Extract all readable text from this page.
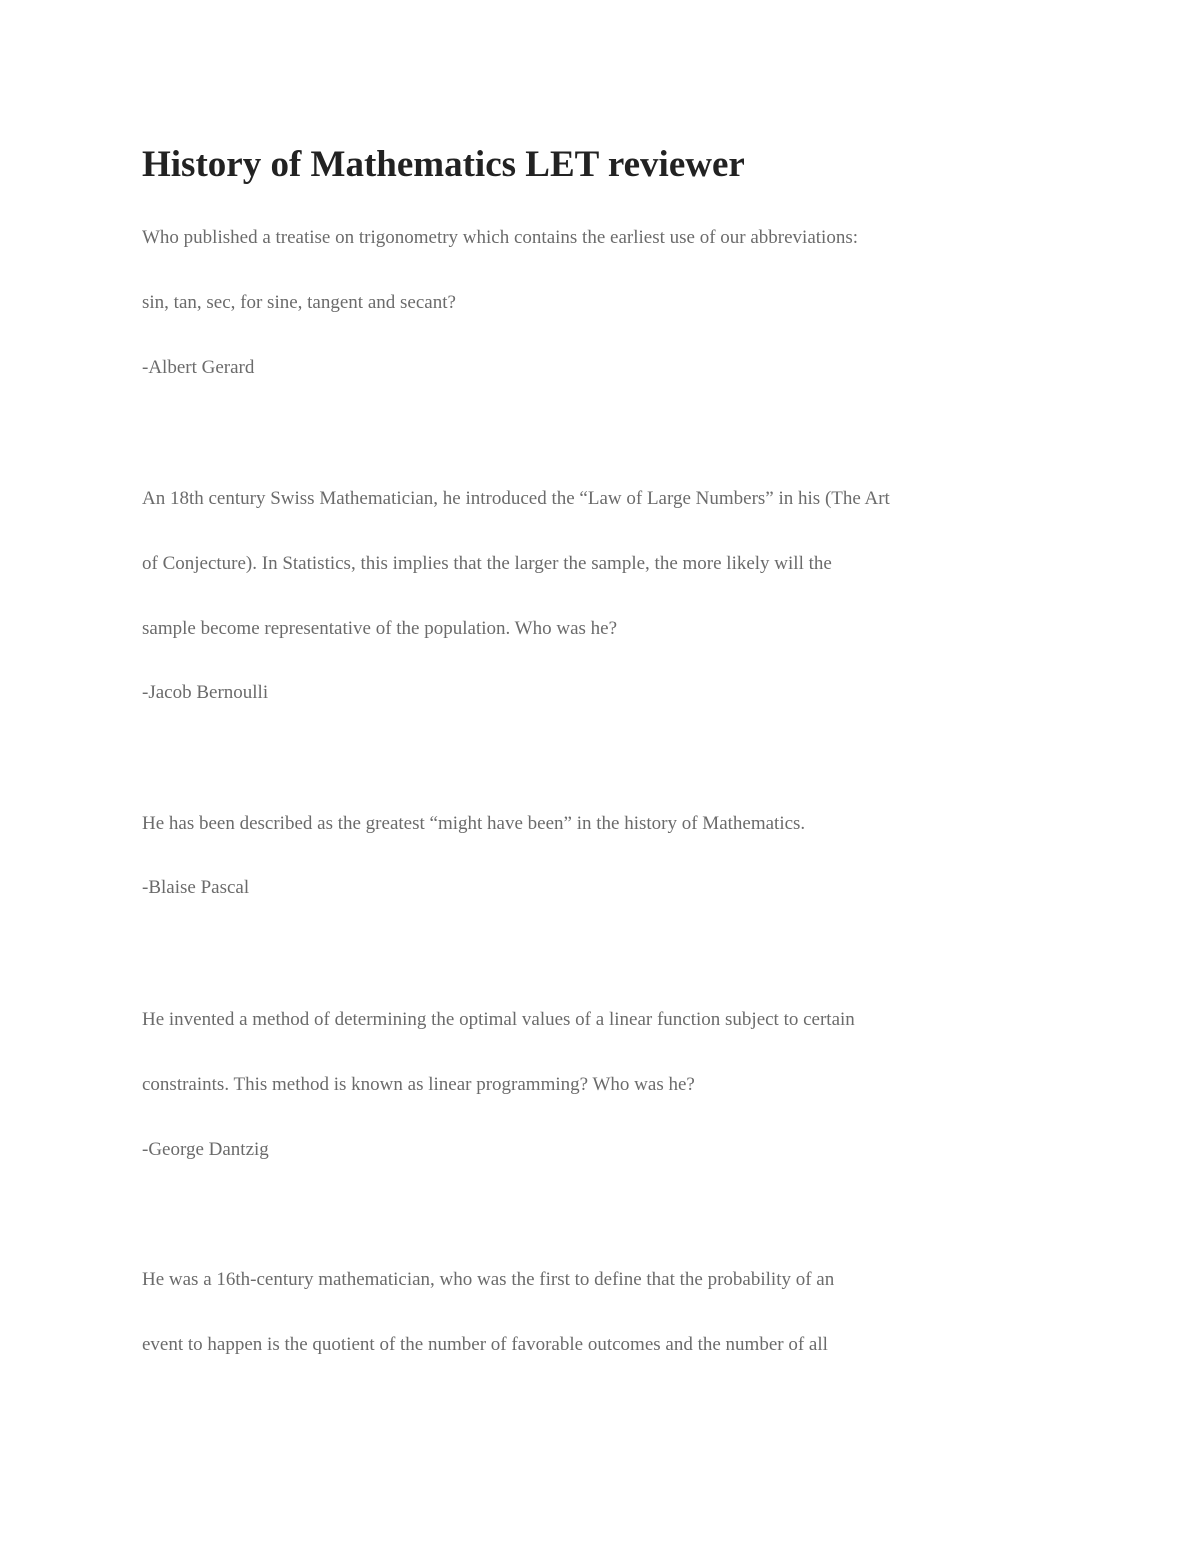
History of Mathematics LET reviewer

Who published a treatise on trigonometry which contains the earliest use of our abbreviations:

sin, tan, sec, for sine, tangent and secant?

-Albert Gerard

An 18th century Swiss Mathematician, he introduced the “Law of Large Numbers” in his (The Art

of Conjecture). In Statistics, this implies that the larger the sample, the more likely will the

sample become representative of the population. Who was he?

-Jacob Bernoulli

He has been described as the greatest “might have been” in the history of Mathematics.

-Blaise Pascal

He invented a method of determining the optimal values of a linear function subject to certain

constraints. This method is known as linear programming? Who was he?

-George Dantzig

He was a 16th-century mathematician, who was the first to define that the probability of an

event to happen is the quotient of the number of favorable outcomes and the number of all
